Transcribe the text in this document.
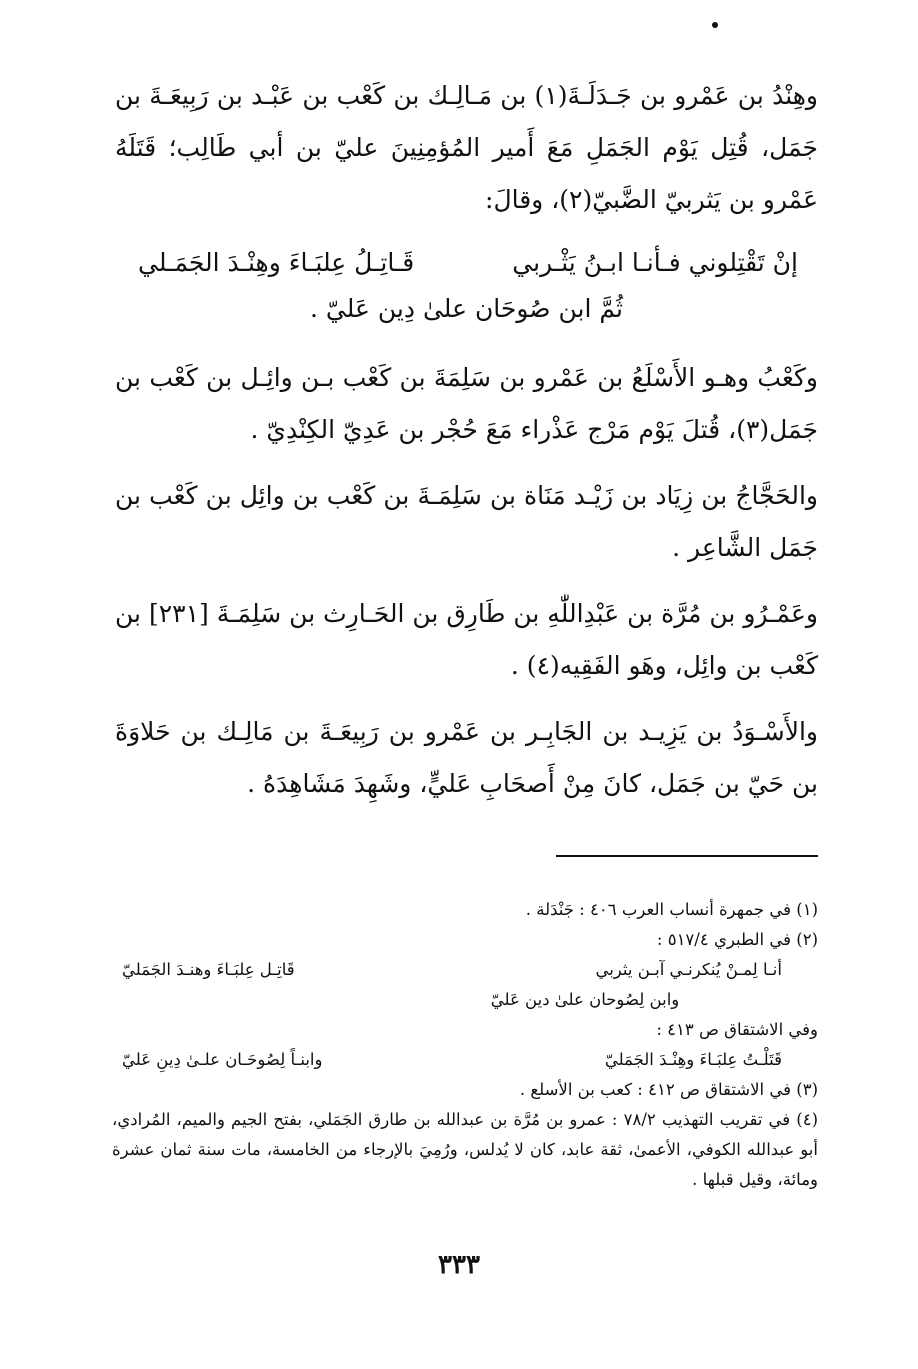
وهِنْدُ بن عَمْرو بن جَـدَلَـةَ(١) بن مَـالِـك بن كَعْب بن عَبْـد بن رَبِيعَـةَ بن جَمَل، قُتِل يَوْم الجَمَلِ مَعَ أَمير المُؤمِنِينَ عليّ بن أبي طَالِب؛ قَتَلَهُ عَمْرو بن يَثربيّ الضَّبيّ(٢)، وقالَ:

إنْ تَقْتِلوني فـأنـا ابـنُ يَثْـربي
قَـاتِـلُ عِلبَـاءَ وهِنْـدَ الجَمَـلي
ثُمَّ ابن صُوحَان علىٰ دِين عَليّ .

وكَعْبُ وهـو الأَسْلَعُ بن عَمْرو بن سَلِمَةَ بن كَعْب بـن وائِـل بن كَعْب بن جَمَل(٣)، قُتلَ يَوْم مَرْج عَذْراء مَعَ حُجْر بن عَدِيّ الكِنْدِيّ .

والحَجَّاجُ بن زِيَاد بن زَيْـد مَنَاة بن سَلِمَـةَ بن كَعْب بن وائِل بن كَعْب بن جَمَل الشَّاعِر .

وعَمْـرُو بن مُرَّة بن عَبْدِاللّٰهِ بن طَارِق بن الحَـارِث بن سَلِمَـةَ [٢٣١] بن كَعْب بن وائِل، وهَو الفَقِيه(٤) .

والأَسْـوَدُ بن يَزِيـد بن الجَابِـر بن عَمْرو بن رَبِيعَـةَ بن مَالِـك بن حَلاوَةَ بن حَيّ بن جَمَل، كانَ مِنْ أَصحَابِ عَليٍّ، وشَهِدَ مَشَاهِدَهُ .

(١) في جمهرة أنساب العرب ٤٠٦ : جَنْدَلة .

(٢) في الطبري ٥١٧/٤ :

أنـا لِمـنْ يُنكرنـي آبـن يثربي
قَاتِـل عِلبَـاءَ وهنـدَ الجَمَليّ

وابن لِصُوحان علىٰ دين عَليّ

وفي الاشتقاق ص ٤١٣ :

قَتَلْـتُ عِلبَـاءَ وهِنْـدَ الجَمَليّ
وابنـاً لِصُوحَـان علـىٰ دِينِ عَليّ

(٣) في الاشتقاق ص ٤١٢ : كعب بن الأسلع .

(٤) في تقريب التهذيب ٧٨/٢ : عمرو بن مُرَّة بن عبدالله بن طارق الجَمَلي، بفتح الجيم والميم، المُرادي، أبو عبدالله الكوفي، الأعمىٰ، ثقة عابد، كان لا يُدلس، ورُمِيَ بالإرجاء من الخامسة، مات سنة ثمان عشرة ومائة، وقيل قبلها .

٣٣٣
